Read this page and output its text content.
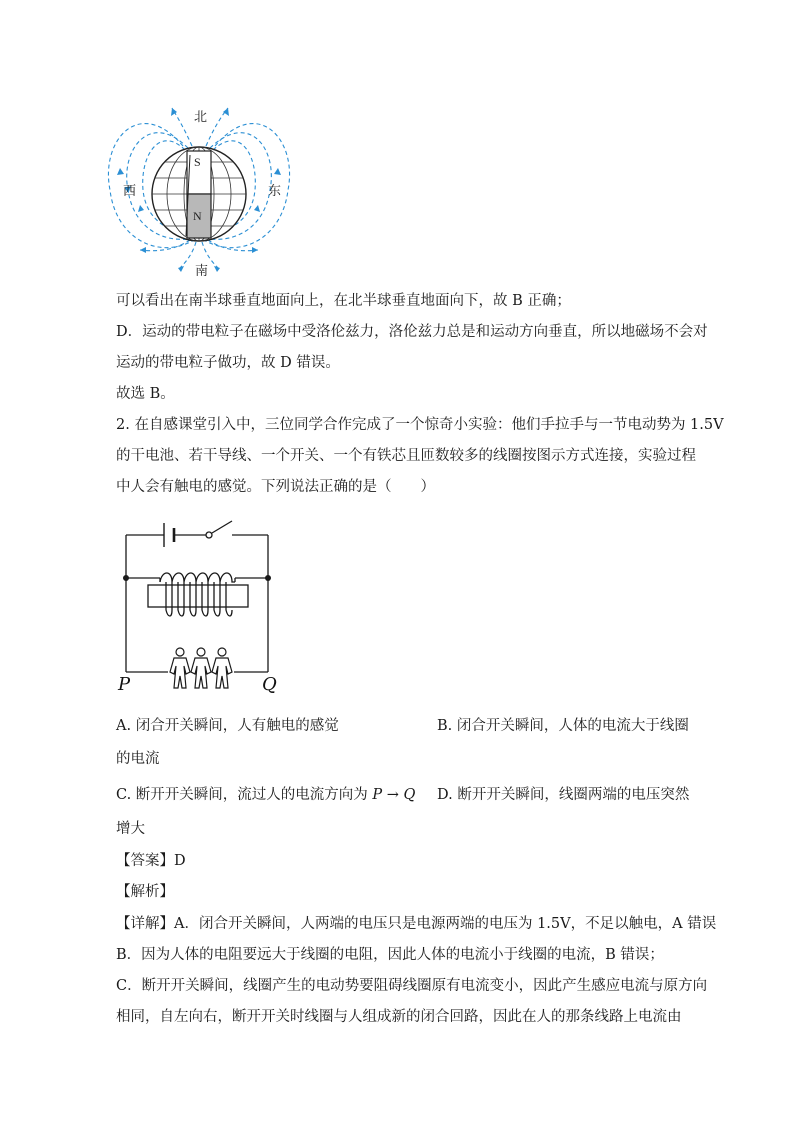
北
南
西	东
S
N
可以看出在南半球垂直地面向上，在北半球垂直地面向下，故 B 正确；
D．运动的带电粒子在磁场中受洛伦兹力，洛伦兹力总是和运动方向垂直，所以地磁场不会对
运动的带电粒子做功，故 D 错误。
故选 B。
2. 在自感课堂引入中，三位同学合作完成了一个惊奇小实验：他们手拉手与一节电动势为 1.5V
的干电池、若干导线、一个开关、一个有铁芯且匝数较多的线圈按图示方式连接，实验过程
中人会有触电的感觉。下列说法正确的是（　　）
P	Q
A. 闭合开关瞬间，人有触电的感觉	B. 闭合开关瞬间，人体的电流大于线圈
的电流
C. 断开开关瞬间，流过人的电流方向为 P → Q D. 断开开关瞬间，线圈两端的电压突然
增大
【答案】D
【解析】
【详解】A．闭合开关瞬间，人两端的电压只是电源两端的电压为 1.5V，不足以触电，A 错误
B．因为人体的电阻要远大于线圈的电阻，因此人体的电流小于线圈的电流，B 错误；
C．断开开关瞬间，线圈产生的电动势要阻碍线圈原有电流变小，因此产生感应电流与原方向
相同，自左向右，断开开关时线圈与人组成新的闭合回路，因此在人的那条线路上电流由
